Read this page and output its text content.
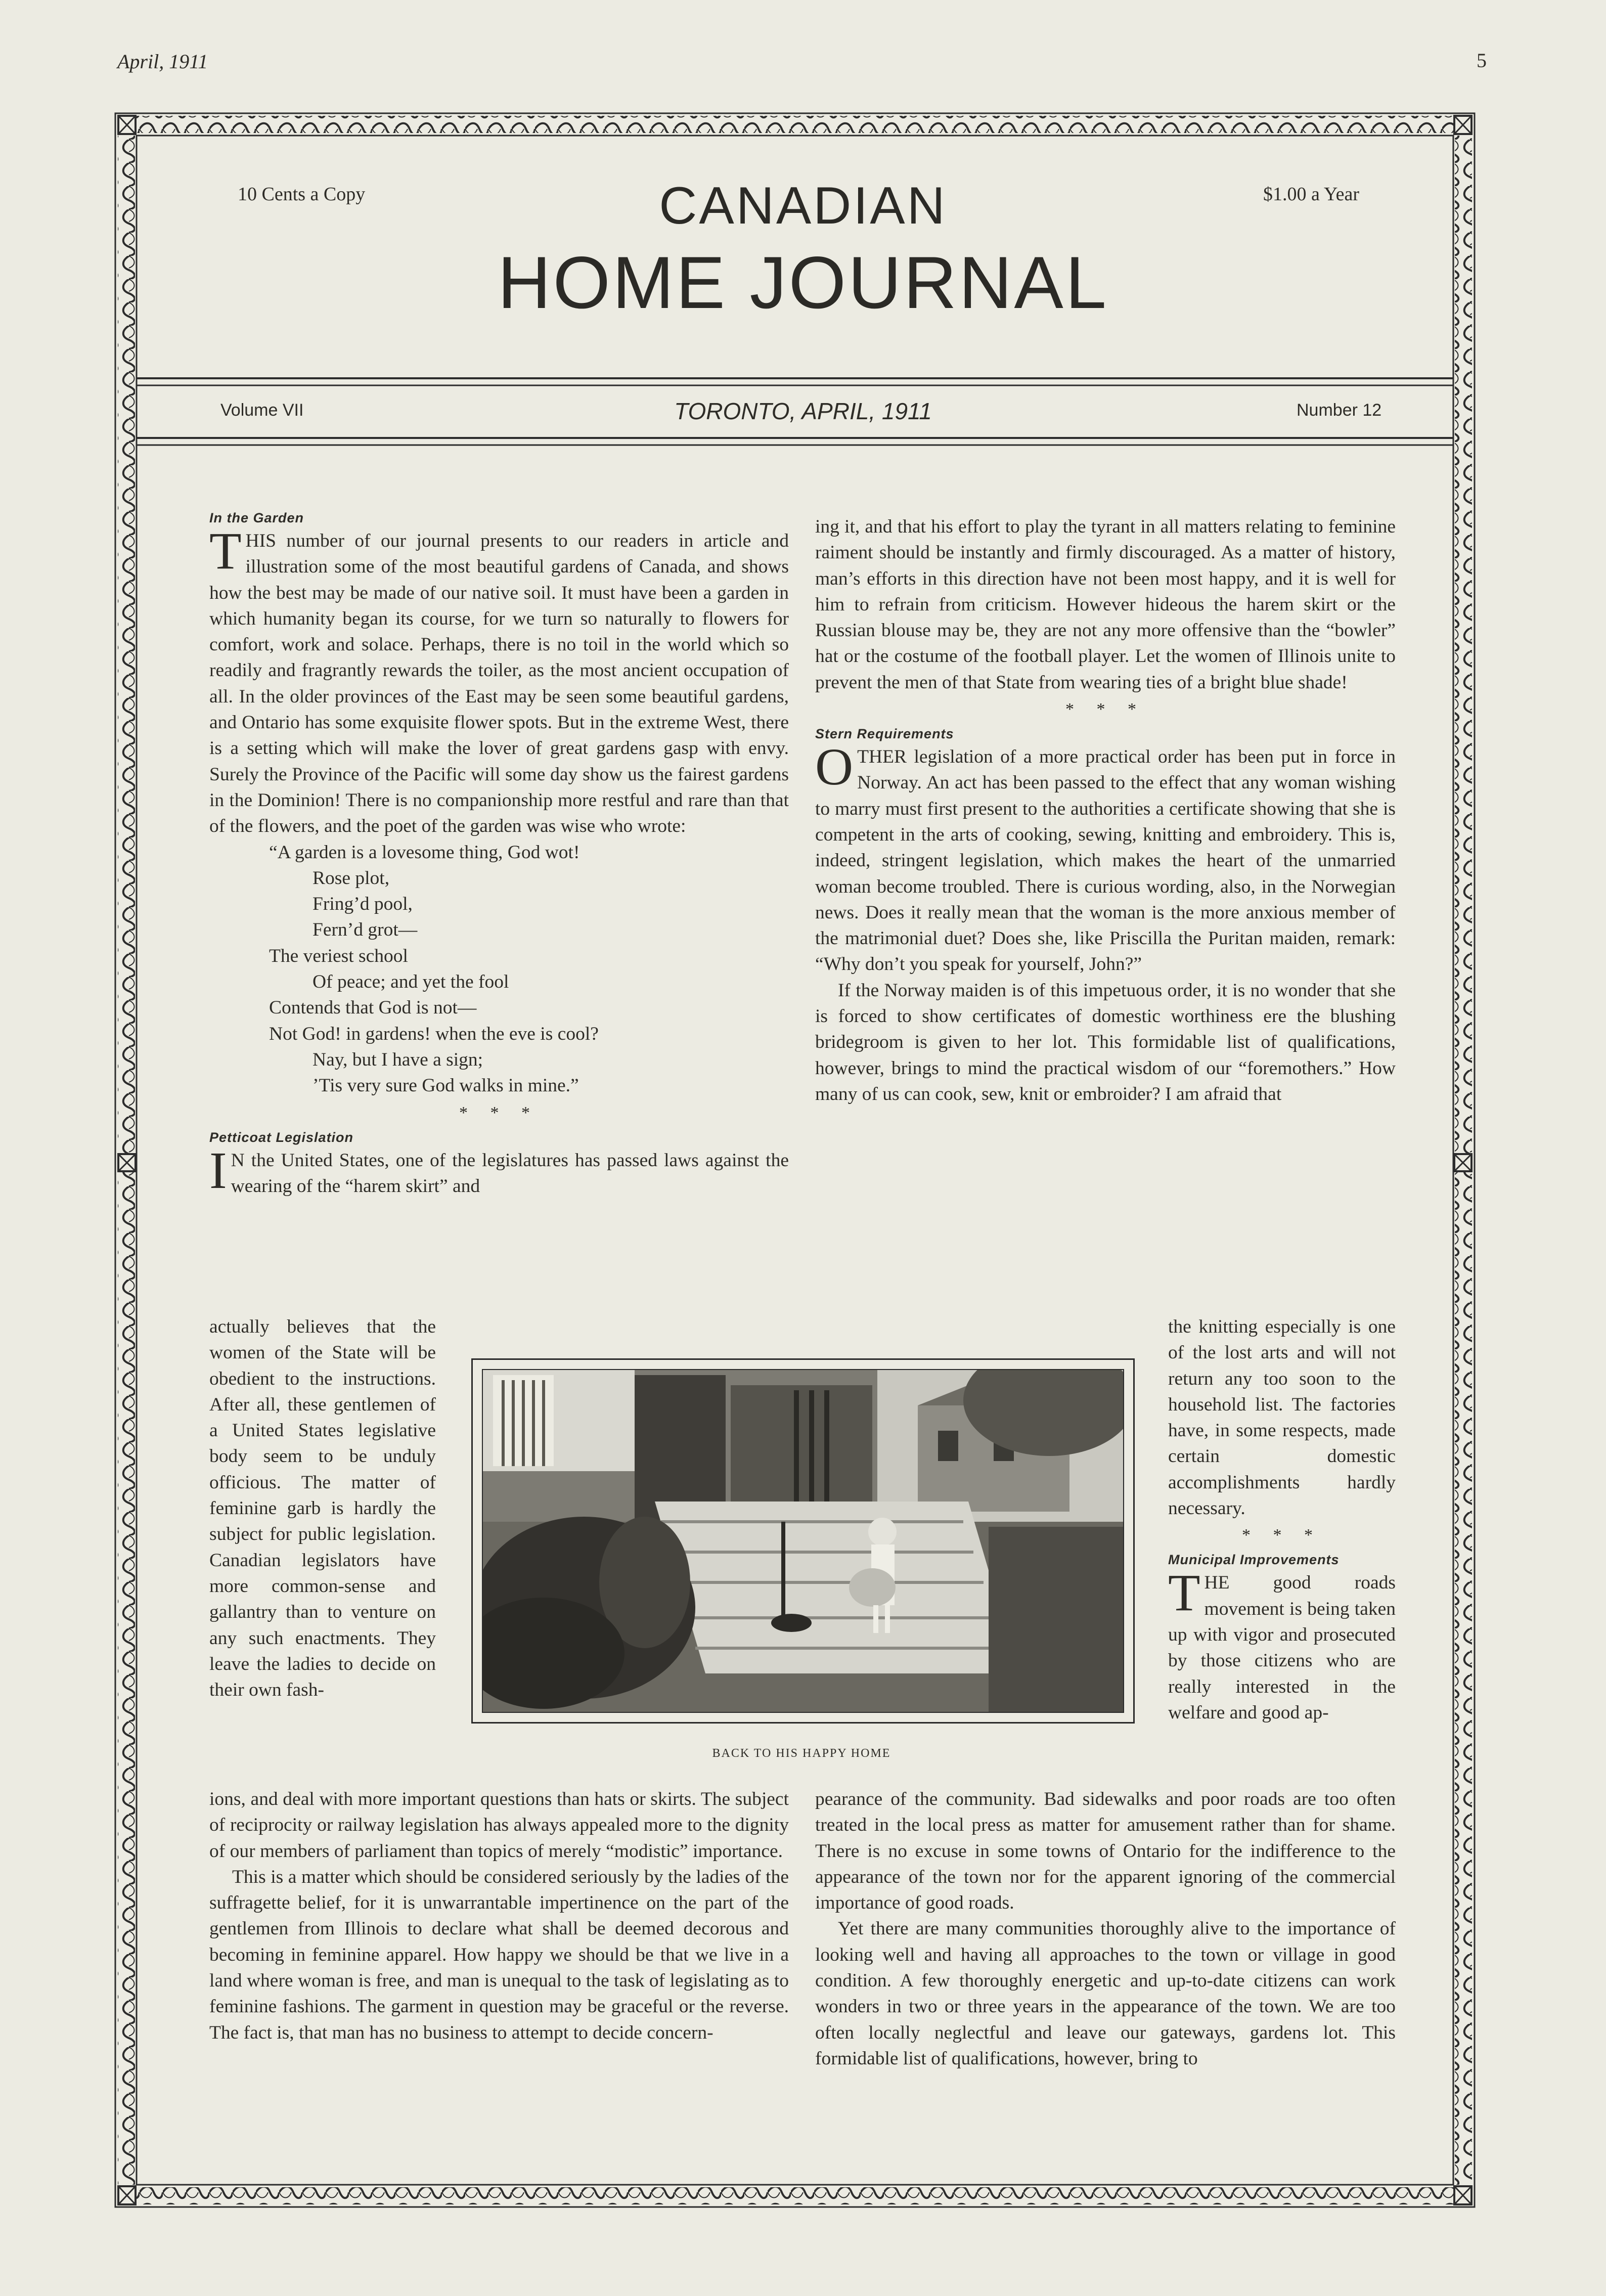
April, 1911	5
10 Cents a Copy	$1.00 a Year
CANADIAN
HOME JOURNAL
Volume VII	TORONTO, APRIL, 1911	Number 12
In the Garden

THIS number of our journal presents to our readers in article and illustration some of the most beautiful gardens of Canada, and shows how the best may be made of our native soil. It must have been a garden in which humanity began its course, for we turn so naturally to flowers for comfort, work and solace. Perhaps, there is no toil in the world which so readily and fragrantly rewards the toiler, as the most ancient occupation of all. In the older provinces of the East may be seen some beautiful gardens, and Ontario has some exquisite flower spots. But in the extreme West, there is a setting which will make the lover of great gardens gasp with envy. Surely the Province of the Pacific will some day show us the fairest gardens in the Dominion! There is no companionship more restful and rare than that of the flowers, and the poet of the garden was wise who wrote:

“A garden is a lovesome thing, God wot!
Rose plot,
Fring’d pool,
Fern’d grot—
The veriest school
Of peace; and yet the fool
Contends that God is not—
Not God! in gardens! when the eve is cool?
Nay, but I have a sign;
’Tis very sure God walks in mine.”
* * *
Petticoat Legislation

I N the United States, one of the legislatures has passed laws against the wearing of the “harem skirt” and

actually believes that the women of the State will be obedient to the instructions. After all, these gentlemen of a United States legislative body seem to be unduly officious. The matter of feminine garb is hardly the subject for public legislation. Canadian legislators have more common-sense and gallantry than to venture on any such enactments. They leave the ladies to decide on their own fash-

ions, and deal with more important questions than hats or skirts. The subject of reciprocity or railway legislation has always appealed more to the dignity of our members of parliament than topics of merely “modistic” importance.

This is a matter which should be considered seriously by the ladies of the suffragette belief, for it is unwarrantable impertinence on the part of the gentlemen from Illinois to declare what shall be deemed decorous and becoming in feminine apparel. How happy we should be that we live in a land where woman is free, and man is unequal to the task of legislating as to feminine fashions. The garment in question may be graceful or the reverse. The fact is, that man has no business to attempt to decide concern-

ing it, and that his effort to play the tyrant in all matters relating to feminine raiment should be instantly and firmly discouraged. As a matter of history, man’s efforts in this direction have not been most happy, and it is well for him to refrain from criticism. However hideous the harem skirt or the Russian blouse may be, they are not any more offensive than the “bowler” hat or the costume of the football player. Let the women of Illinois unite to prevent the men of that State from wearing ties of a bright blue shade!

* * *
Stern Requirements

OTHER legislation of a more practical order has been put in force in Norway. An act has been passed to the effect that any woman wishing to marry must first present to the authorities a certificate showing that she is competent in the arts of cooking, sewing, knitting and embroidery. This is, indeed, stringent legislation, which makes the heart of the unmarried woman become troubled. There is curious wording, also, in the Norwegian news. Does it really mean that the woman is the more anxious member of the matrimonial duet? Does she, like Priscilla the Puritan maiden, remark: “Why don’t you speak for yourself, John?”

If the Norway maiden is of this impetuous order, it is no wonder that she is forced to show certificates of domestic worthiness ere the blushing bridegroom is given to her lot. This formidable list of qualifications, however, brings to mind the practical wisdom of our “foremothers.” How many of us can cook, sew, knit or embroider? I am afraid that

the knitting especially is one of the lost arts and will not return any too soon to the household list. The factories have, in some respects, made certain domestic accomplishments hardly necessary.

* * *
Municipal Improvements

THE good roads movement is being taken up with vigor and prosecuted by those citizens who are really interested in the welfare and good ap-

pearance of the community. Bad sidewalks and poor roads are too often treated in the local press as matter for amusement rather than for shame. There is no excuse in some towns of Ontario for the indifference to the appearance of the town nor for the apparent ignoring of the commercial importance of good roads.

Yet there are many communities thoroughly alive to the importance of looking well and having all approaches to the town or village in good condition. A few thoroughly energetic and up-to-date citizens can work wonders in two or three years in the appearance of the town. We are too often locally neglectful and leave our gateways, gardens lot. This formidable list of qualifications, however, bring to

BACK TO HIS HAPPY HOME
